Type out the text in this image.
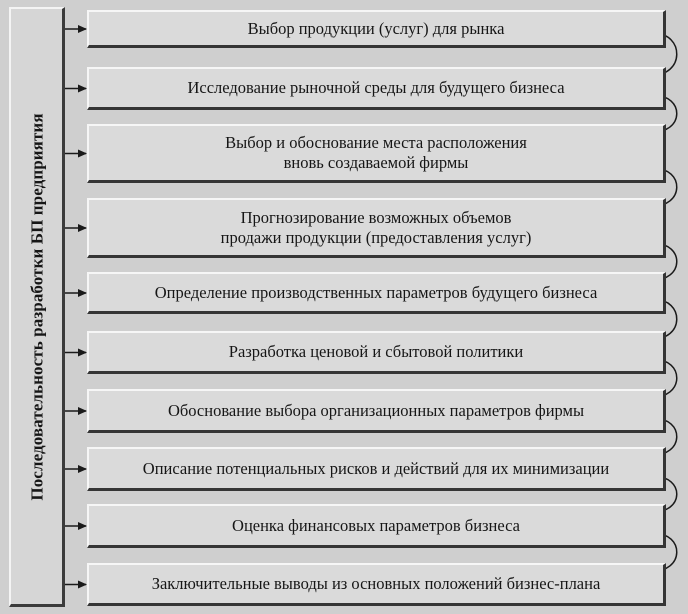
Последовательность разработки БП предприятия
Выбор продукции (услуг) для рынка
Исследование рыночной среды для будущего бизнеса
Выбор и обоснование места расположения
вновь создаваемой фирмы
Прогнозирование возможных объемов
продажи продукции (предоставления услуг)
Определение производственных параметров будущего бизнеса
Разработка ценовой и сбытовой политики
Обоснование выбора организационных параметров фирмы
Описание потенциальных рисков и действий для их минимизации
Оценка финансовых параметров бизнеса
Заключительные выводы из основных положений бизнес-плана
